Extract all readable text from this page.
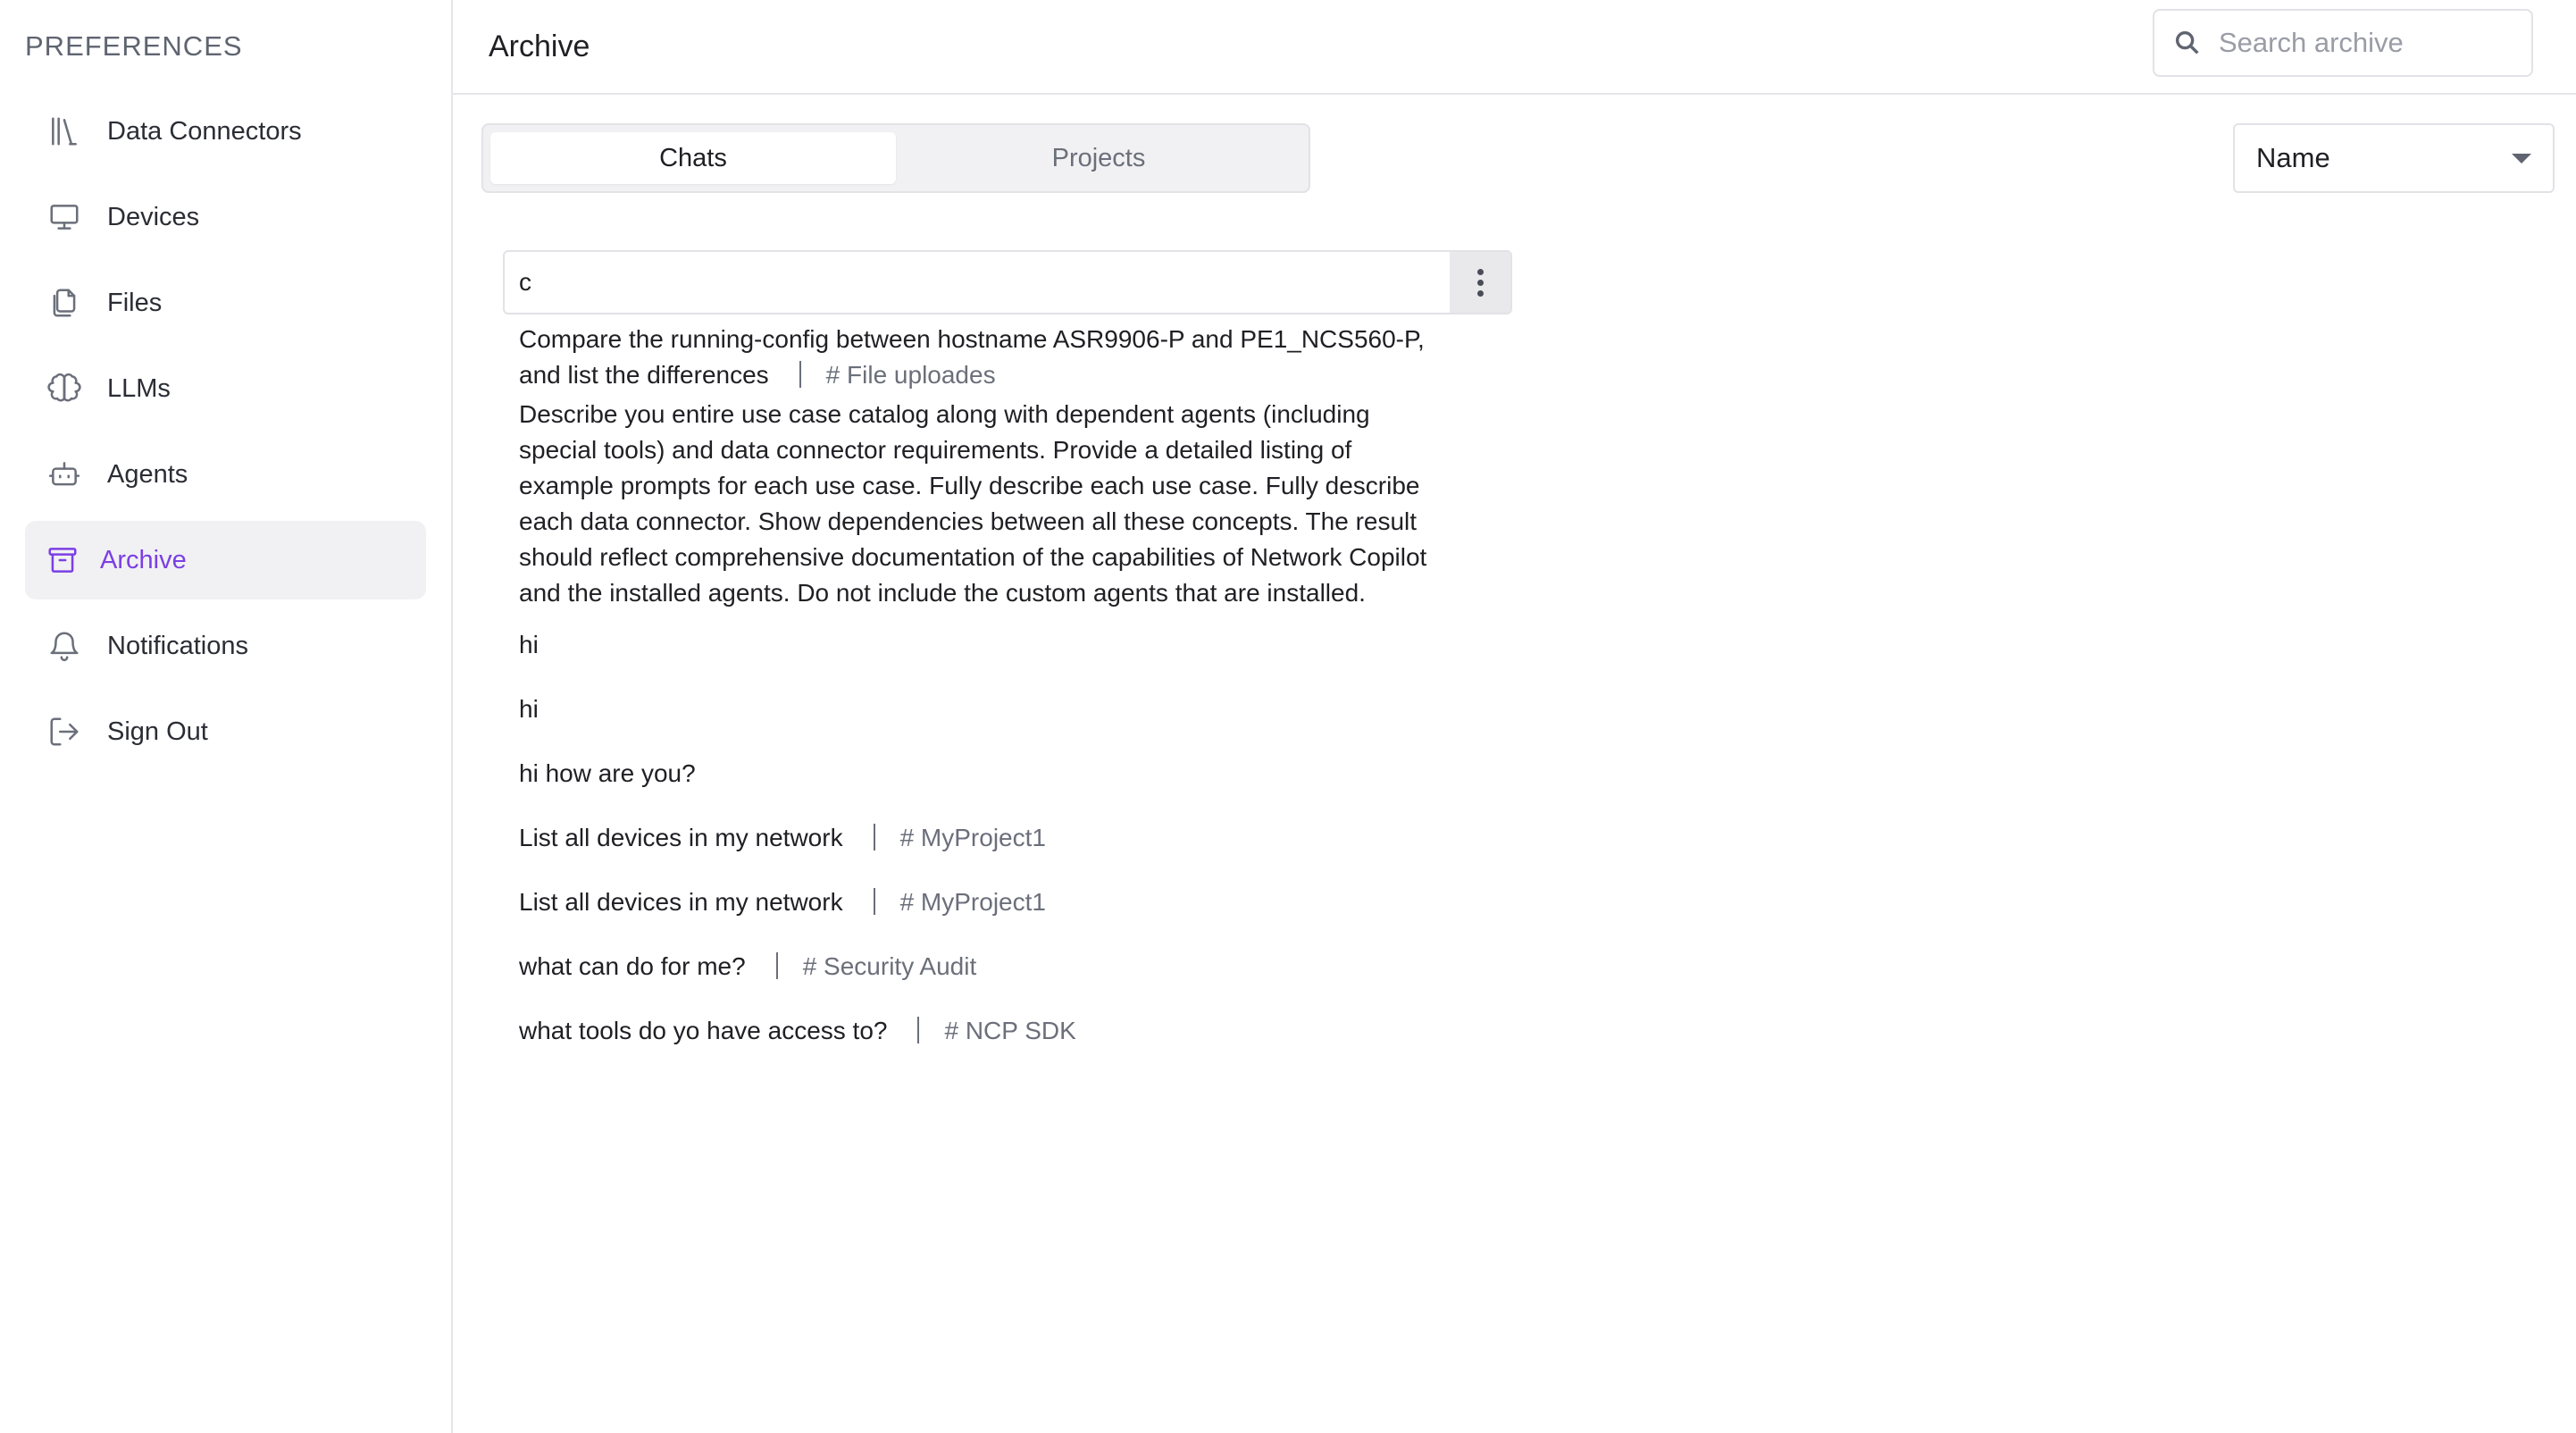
PREFERENCES
Data Connectors
Devices
Files
LLMs
Agents
Archive
Notifications
Sign Out
Archive
Search archive
Chats	Projects	Name
c
Compare the running-config between hostname ASR9906-P and PE1_NCS560-P, and list the differences # File uploades
Describe you entire use case catalog along with dependent agents (including special tools) and data connector requirements. Provide a detailed listing of example prompts for each use case. Fully describe each use case. Fully describe each data connector. Show dependencies between all these concepts. The result should reflect comprehensive documentation of the capabilities of Network Copilot and the installed agents. Do not include the custom agents that are installed.
hi
hi
hi how are you?
List all devices in my network # MyProject1
List all devices in my network # MyProject1
what can do for me? # Security Audit
what tools do yo have access to? # NCP SDK
